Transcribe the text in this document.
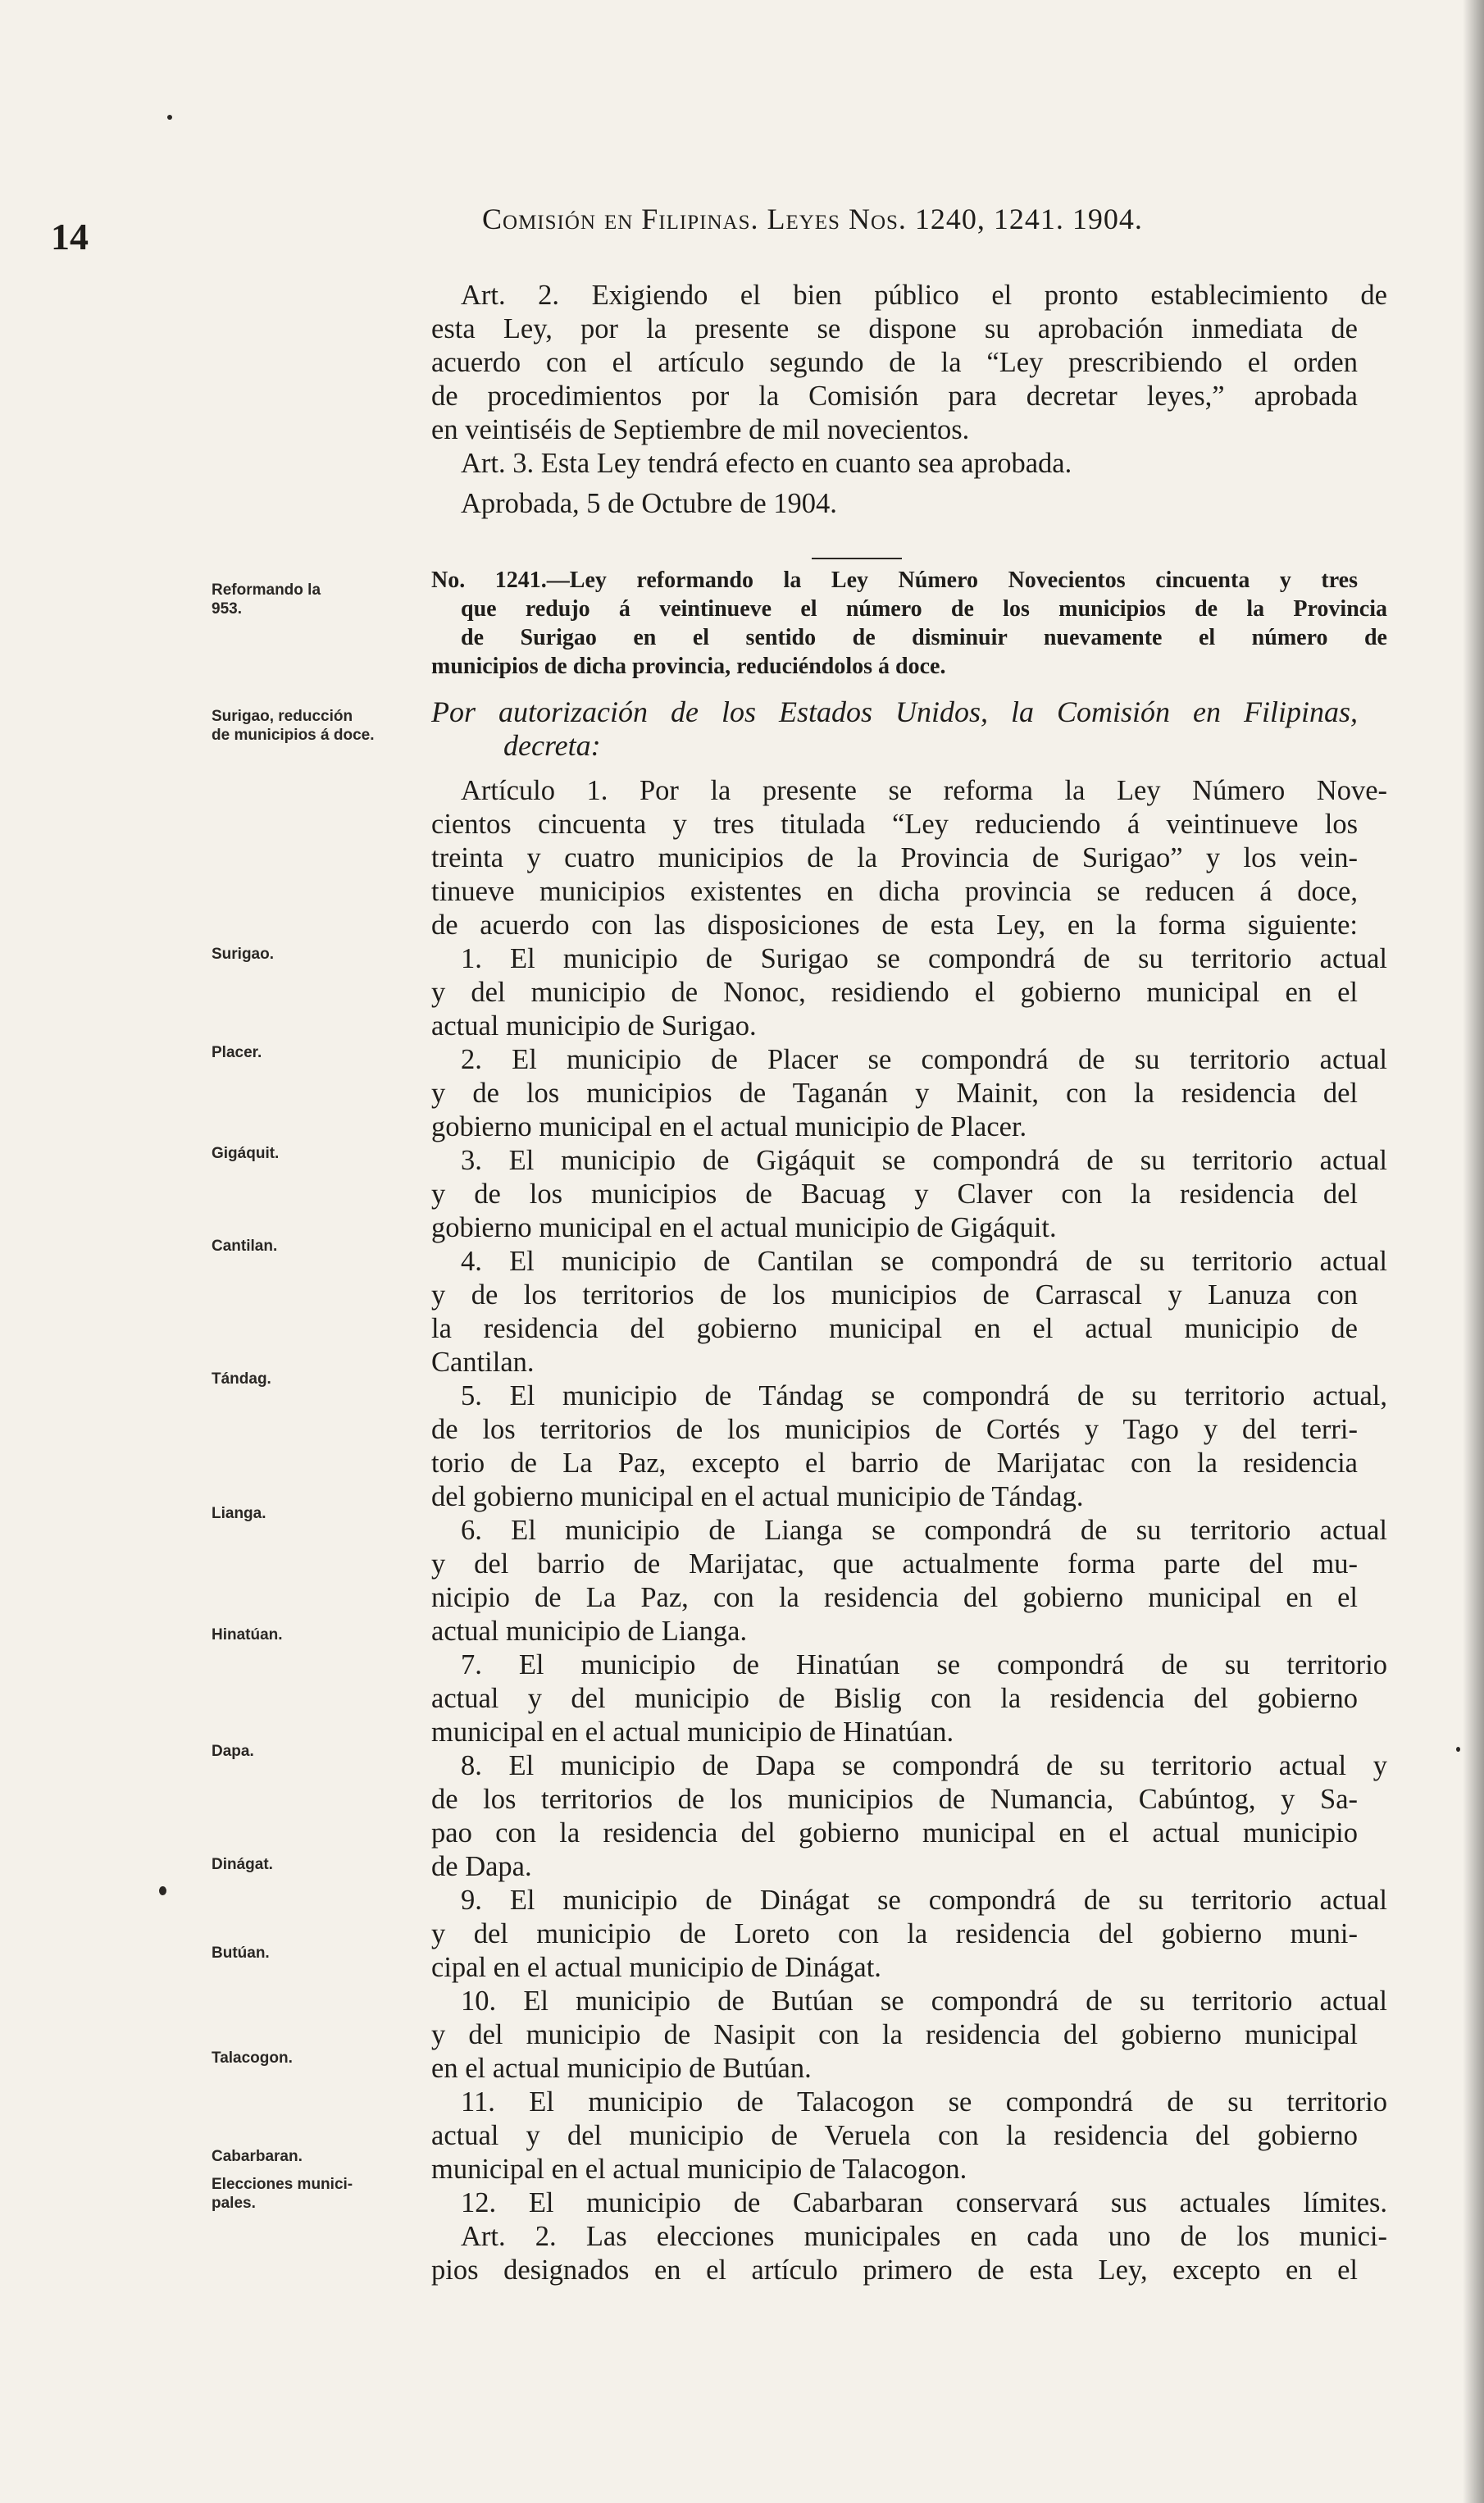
14	Comisión en Filipinas. Leyes Nos. 1240, 1241. 1904.
Art. 2. Exigiendo el bien público el pronto establecimiento de
esta Ley, por la presente se dispone su aprobación inmediata de
acuerdo con el artículo segundo de la “Ley prescribiendo el orden
de procedimientos por la Comisión para decretar leyes,” aprobada
en veintiséis de Septiembre de mil novecientos.
Art. 3. Esta Ley tendrá efecto en cuanto sea aprobada.
Aprobada, 5 de Octubre de 1904.
No. 1241.—Ley reformando la Ley Número Novecientos cincuenta y tres
que redujo á veintinueve el número de los municipios de la Provincia
de Surigao en el sentido de disminuir nuevamente el número de
municipios de dicha provincia, reduciéndolos á doce.
Por autorización de los Estados Unidos, la Comisión en Filipinas,
decreta:
Artículo 1. Por la presente se reforma la Ley Número Nove-
cientos cincuenta y tres titulada “Ley reduciendo á veintinueve los
treinta y cuatro municipios de la Provincia de Surigao” y los vein-
tinueve municipios existentes en dicha provincia se reducen á doce,
de acuerdo con las disposiciones de esta Ley, en la forma siguiente:
1. El municipio de Surigao se compondrá de su territorio actual
y del municipio de Nonoc, residiendo el gobierno municipal en el
actual municipio de Surigao.
2. El municipio de Placer se compondrá de su territorio actual
y de los municipios de Taganán y Mainit, con la residencia del
gobierno municipal en el actual municipio de Placer.
3. El municipio de Gigáquit se compondrá de su territorio actual
y de los municipios de Bacuag y Claver con la residencia del
gobierno municipal en el actual municipio de Gigáquit.
4. El municipio de Cantilan se compondrá de su territorio actual
y de los territorios de los municipios de Carrascal y Lanuza con
la residencia del gobierno municipal en el actual municipio de
Cantilan.
5. El municipio de Tándag se compondrá de su territorio actual,
de los territorios de los municipios de Cortés y Tago y del terri-
torio de La Paz, excepto el barrio de Marijatac con la residencia
del gobierno municipal en el actual municipio de Tándag.
6. El municipio de Lianga se compondrá de su territorio actual
y del barrio de Marijatac, que actualmente forma parte del mu-
nicipio de La Paz, con la residencia del gobierno municipal en el
actual municipio de Lianga.
7. El municipio de Hinatúan se compondrá de su territorio
actual y del municipio de Bislig con la residencia del gobierno
municipal en el actual municipio de Hinatúan.
8. El municipio de Dapa se compondrá de su territorio actual y
de los territorios de los municipios de Numancia, Cabúntog, y Sa-
pao con la residencia del gobierno municipal en el actual municipio
de Dapa.
9. El municipio de Dinágat se compondrá de su territorio actual
y del municipio de Loreto con la residencia del gobierno muni-
cipal en el actual municipio de Dinágat.
10. El municipio de Butúan se compondrá de su territorio actual
y del municipio de Nasipit con la residencia del gobierno municipal
en el actual municipio de Butúan.
11. El municipio de Talacogon se compondrá de su territorio
actual y del municipio de Veruela con la residencia del gobierno
municipal en el actual municipio de Talacogon.
12. El municipio de Cabarbaran conservará sus actuales límites.
Art. 2. Las elecciones municipales en cada uno de los munici-
pios designados en el artículo primero de esta Ley, excepto en el
Reformando la
953.
Surigao, reducción
de municipios á doce.
Surigao.
Placer.
Gigáquit.
Cantilan.
Tándag.
Lianga.
Hinatúan.
Dapa.
Dinágat.
Butúan.
Talacogon.
Cabarbaran.
Elecciones munici-
pales.
